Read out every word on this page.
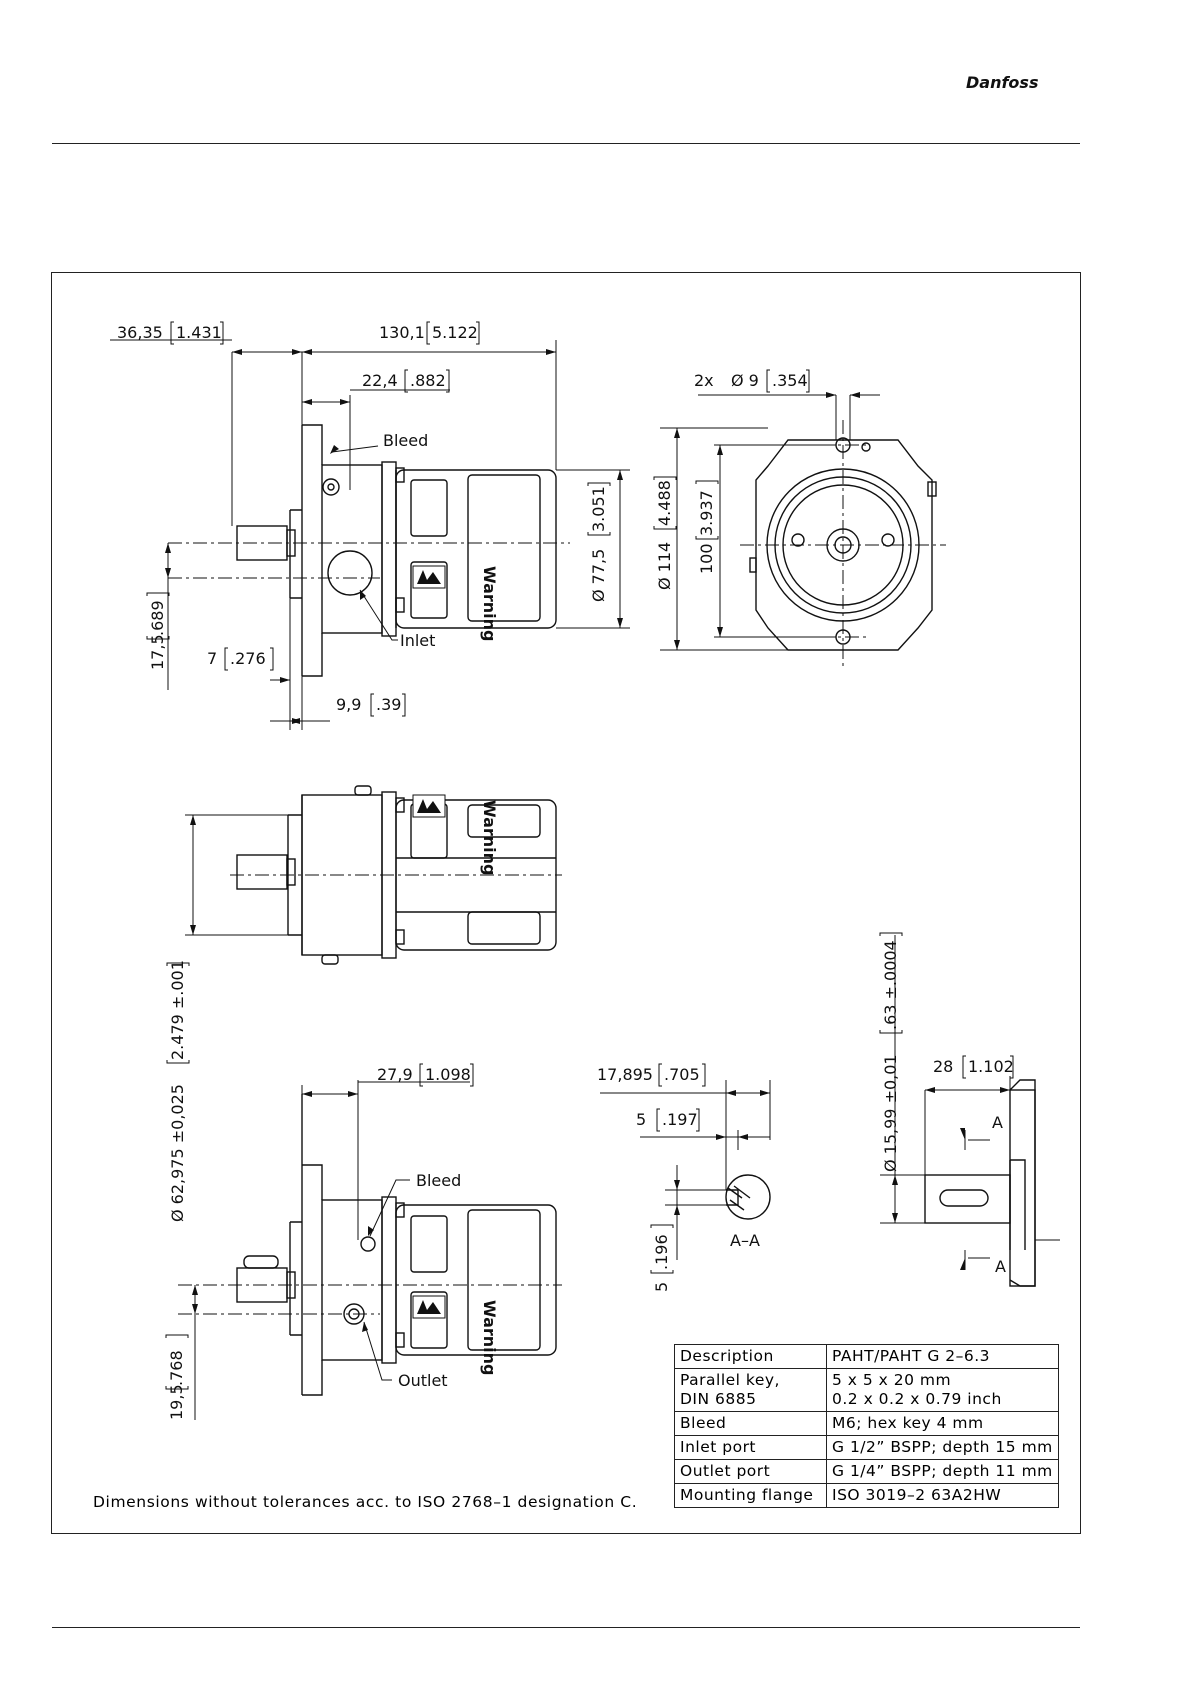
Danfoss
Warning
Warning
Warning
36,35 1.431	130,1 5.122
22,4 .882
Bleed
Inlet
Ø 77,5
3.051
17,5
.689
7 .276
9,9 .39
2x Ø 9 .354
Ø 114
4.488
100
3.937
Ø 62,975 ±0,025
2.479 ±.001
27,9 1.098
Bleed
Outlet
19,5
.768
17,895 .705
5 .197
5
.196	A–A
Ø 15,99 ±0,01
.63 ±.0004
28 1.102
A
A
Dimensions without tolerances acc. to ISO 2768–1 designation C.
Description	PAHT/PAHT G 2–6.3
Parallel key,
DIN 6885	5 x 5 x 20 mm
0.2 x 0.2 x 0.79 inch
Bleed	M6; hex key 4 mm
Inlet port	G 1/2” BSPP; depth 15 mm
Outlet port	G 1/4” BSPP; depth 11 mm
Mounting flange	ISO 3019–2 63A2HW
